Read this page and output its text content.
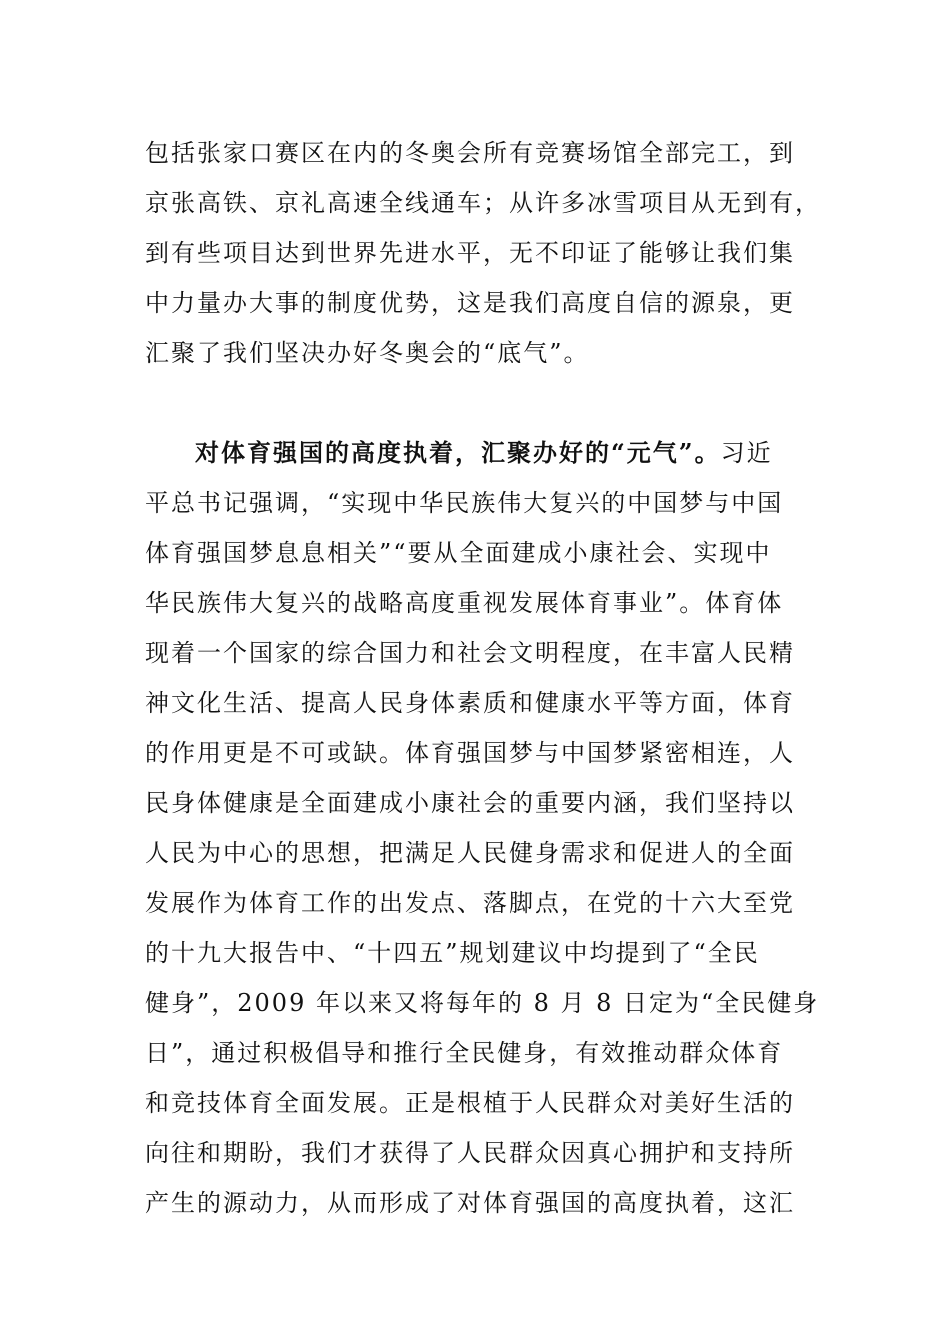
包括张家口赛区在内的冬奥会所有竞赛场馆全部完工，到
京张高铁、京礼高速全线通车；从许多冰雪项目从无到有，
到有些项目达到世界先进水平，无不印证了能够让我们集
中力量办大事的制度优势，这是我们高度自信的源泉，更
汇聚了我们坚决办好冬奥会的“底气”。
对体育强国的高度执着，汇聚办好的“元气”。习近
平总书记强调，“实现中华民族伟大复兴的中国梦与中国
体育强国梦息息相关”“要从全面建成小康社会、实现中
华民族伟大复兴的战略高度重视发展体育事业”。体育体
现着一个国家的综合国力和社会文明程度，在丰富人民精
神文化生活、提高人民身体素质和健康水平等方面，体育
的作用更是不可或缺。体育强国梦与中国梦紧密相连，人
民身体健康是全面建成小康社会的重要内涵，我们坚持以
人民为中心的思想，把满足人民健身需求和促进人的全面
发展作为体育工作的出发点、落脚点，在党的十六大至党
的十九大报告中、“十四五”规划建议中均提到了“全民
健身”，2009 年以来又将每年的 8 月 8 日定为“全民健身
日”，通过积极倡导和推行全民健身，有效推动群众体育
和竞技体育全面发展。正是根植于人民群众对美好生活的
向往和期盼，我们才获得了人民群众因真心拥护和支持所
产生的源动力，从而形成了对体育强国的高度执着，这汇
